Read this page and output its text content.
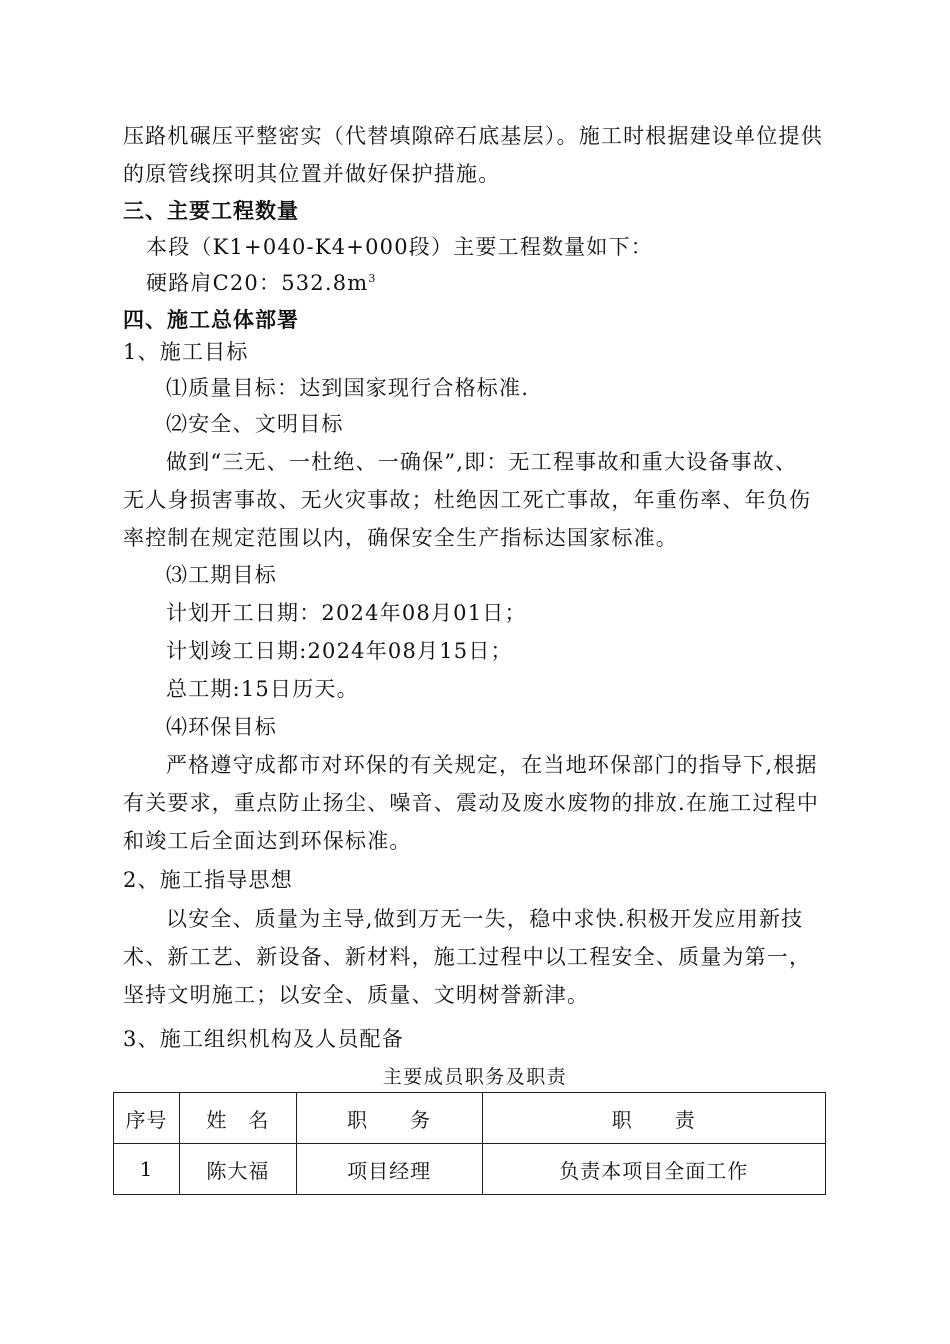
压路机碾压平整密实（代替填隙碎石底基层）。施工时根据建设单位提供
的原管线探明其位置并做好保护措施。
三、主要工程数量
本段（K1+040-K4+000段）主要工程数量如下：
硬路肩C20：$532.8m^3$
四、施工总体部署
1、施工目标
⑴质量目标：达到国家现行合格标准.
⑵安全、文明目标
做到“三无、一杜绝、一确保”,即：无工程事故和重大设备事故、
无人身损害事故、无火灾事故；杜绝因工死亡事故，年重伤率、年负伤
率控制在规定范围以内，确保安全生产指标达国家标准。
⑶工期目标
计划开工日期：2024年08月01日；
计划竣工日期:2024年08月15日；
总工期:15日历天。
⑷环保目标
严格遵守成都市对环保的有关规定，在当地环保部门的指导下,根据
有关要求，重点防止扬尘、噪音、震动及废水废物的排放.在施工过程中
和竣工后全面达到环保标准。
2、施工指导思想
以安全、质量为主导,做到万无一失，稳中求快.积极开发应用新技
术、新工艺、新设备、新材料，施工过程中以工程安全、质量为第一，
坚持文明施工；以安全、质量、文明树誉新津。
3、施工组织机构及人员配备
主要成员职务及职责
序号	姓　名	职　　务	职　　责
1	陈大福	项目经理	负责本项目全面工作
